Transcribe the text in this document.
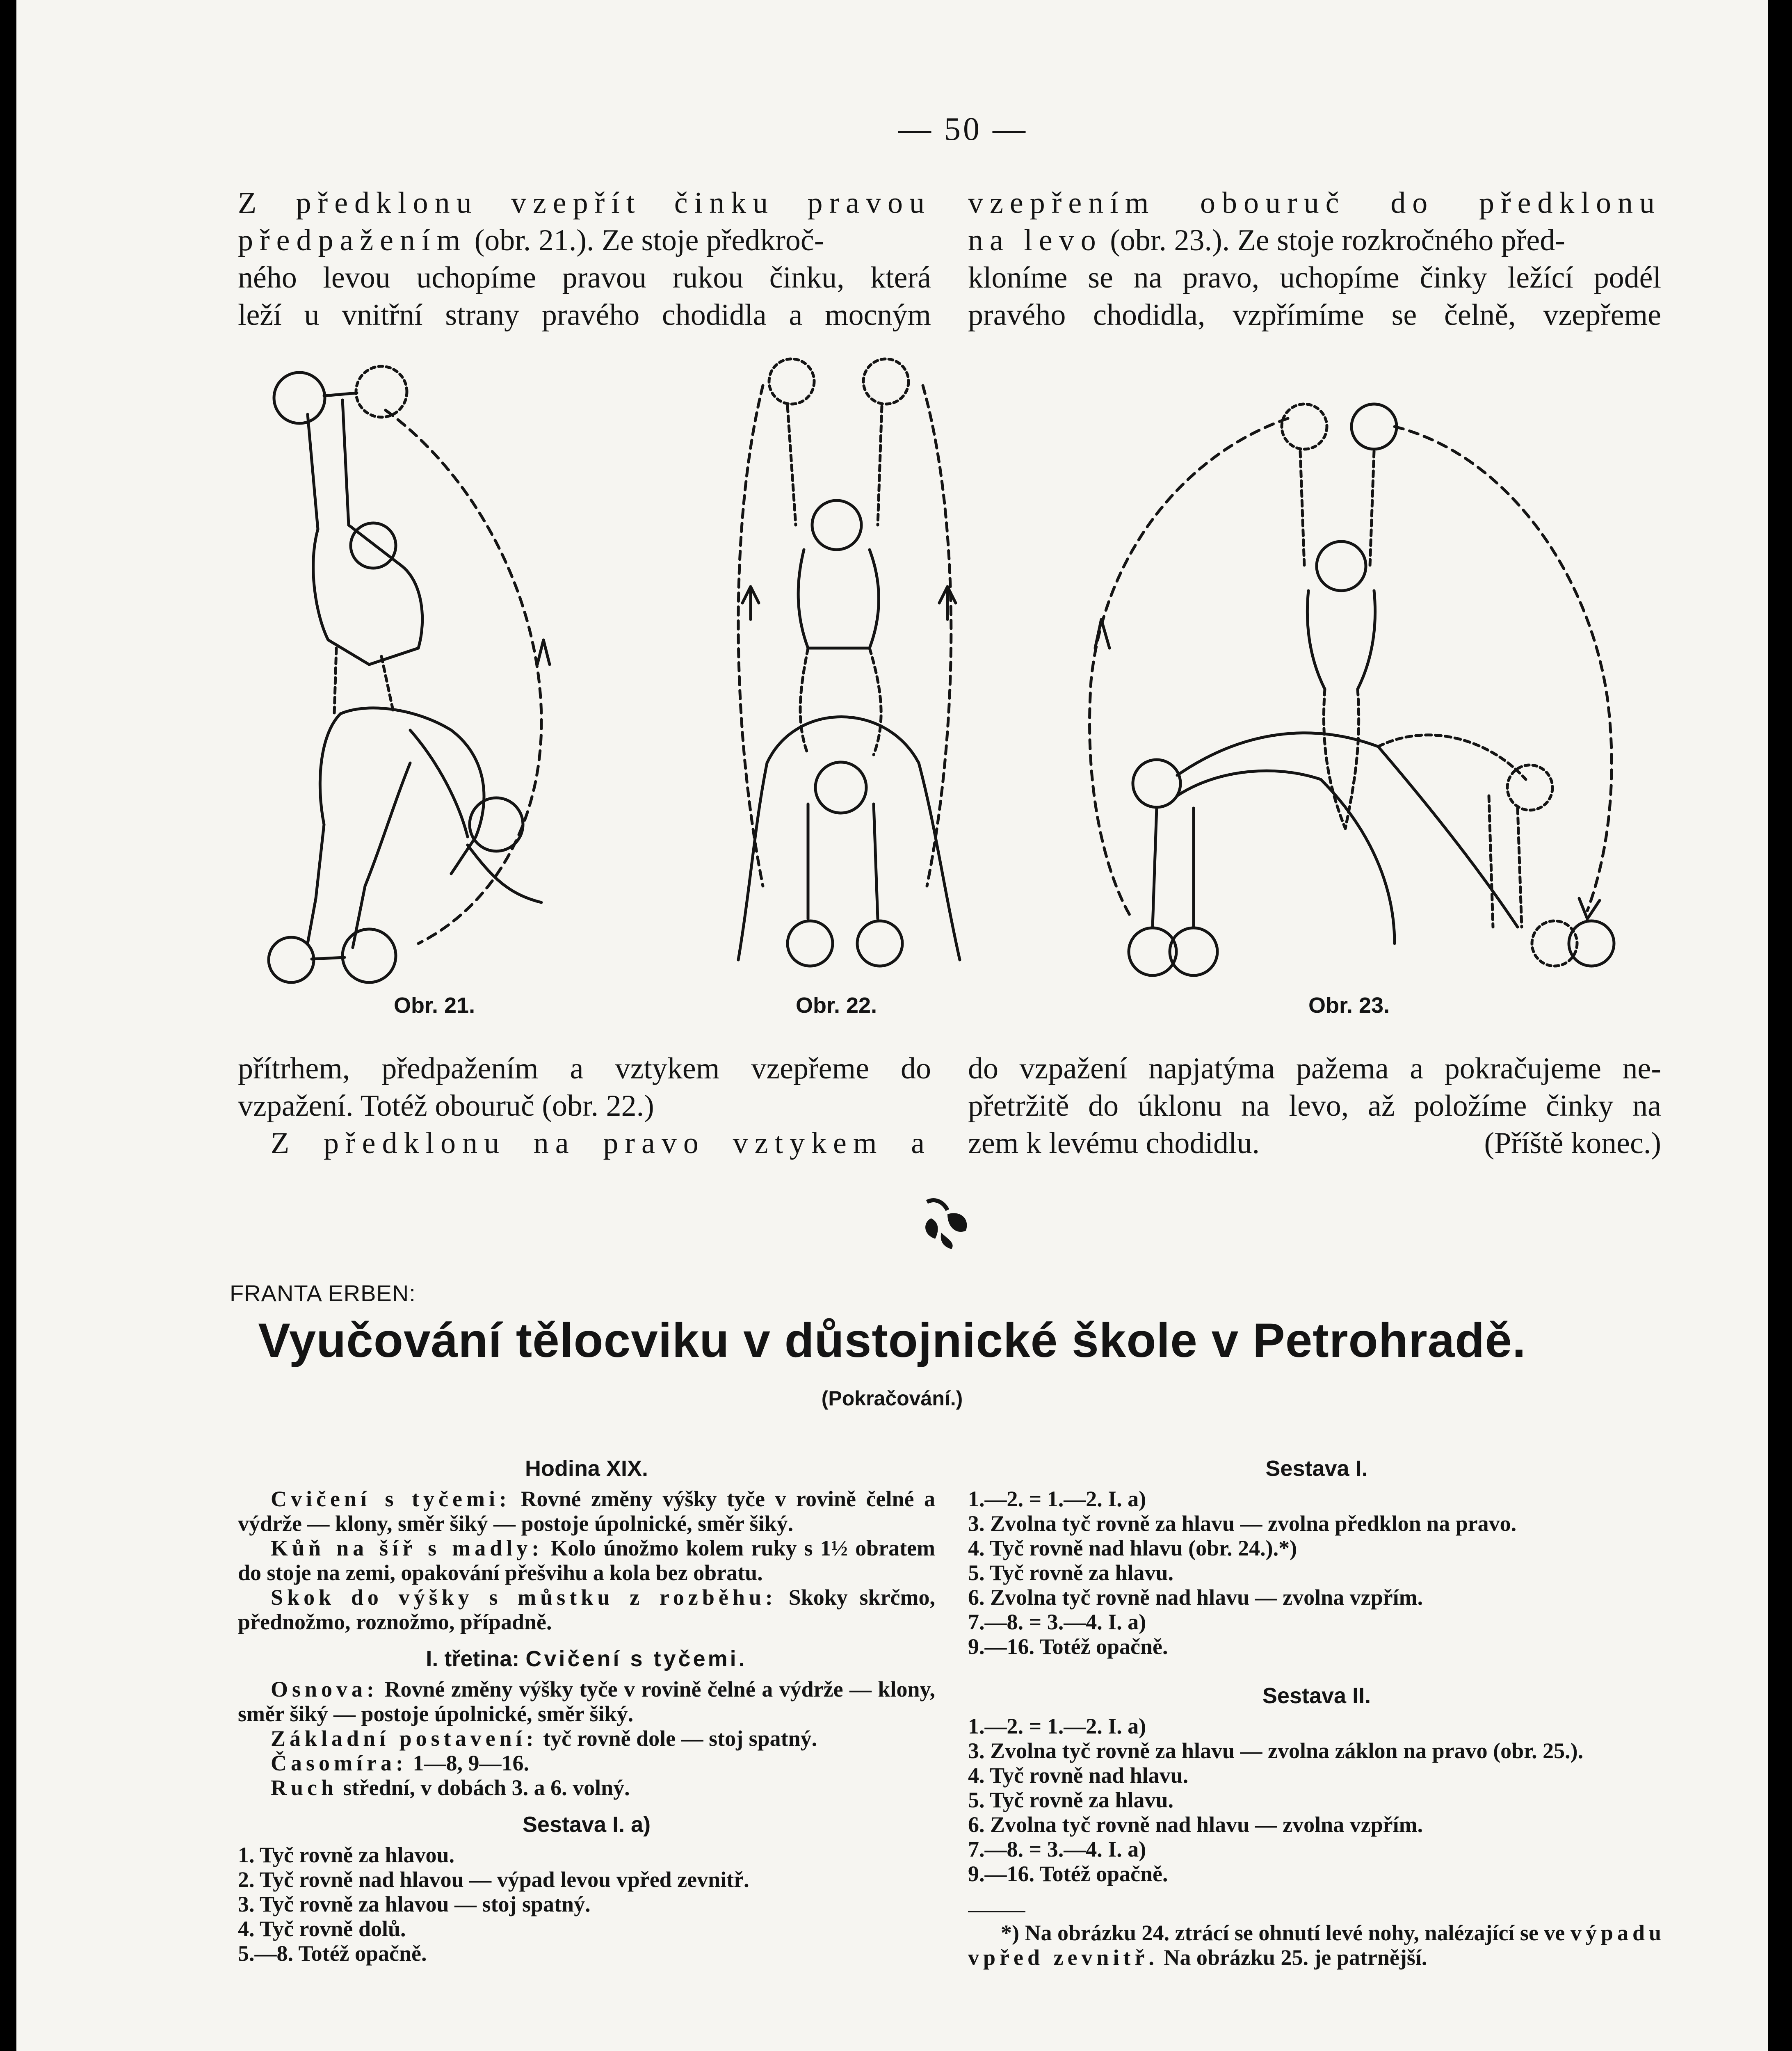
— 50 —

Z předklonu vzepřít činku pravou předpažením (obr. 21.). Ze stoje předkroč-
ného levou uchopíme pravou rukou činku, která
leží u vnitřní strany pravého chodidla a mocným

vzepřením obouruč do předklonu
na levo (obr. 23.). Ze stoje rozkročného před-
kloníme se na pravo, uchopíme činky ležící podél
pravého chodidla, vzpřímíme se čelně, vzepřeme

Obr. 21.	Obr. 22.	Obr. 23.

přítrhem, předpažením a vztykem vzepřeme do
vzpažení. Totéž obouruč (obr. 22.)
Z předklonu na pravo vztykem a

do vzpažení napjatýma pažema a pokračujeme ne-
přetržitě do úklonu na levo, až položíme činky na
zem k levému chodidlu.	(Příště konec.)

FRANTA ERBEN:
Vyučování tělocviku v důstojnické škole v Petrohradě.
(Pokračování.)

Hodina XIX.

Cvičení s tyčemi: Rovné změny výšky tyče v rovině čelné a výdrže — klony, směr šiký — postoje úpolnické, směr šiký.

Kůň na šíř s madly: Kolo únožmo kolem ruky s 1½ obratem do stoje na zemi, opakování přešvihu a kola bez obratu.

Skok do výšky s můstku z rozběhu: Skoky skrčmo, přednožmo, roznožmo, případně.

I. třetina: Cvičení s tyčemi.

Osnova: Rovné změny výšky tyče v rovině čelné a výdrže — klony, směr šiký — postoje úpolnické, směr šiký.

Základní postavení: tyč rovně dole — stoj spatný.

Časomíra: 1—8, 9—16.

Ruch střední, v dobách 3. a 6. volný.

Sestava I. a)

1. Tyč rovně za hlavou.

2. Tyč rovně nad hlavou — výpad levou vpřed zevnitř.

3. Tyč rovně za hlavou — stoj spatný.

4. Tyč rovně dolů.

5.—8. Totéž opačně.

Sestava I.

1.—2. = 1.—2. I. a)

3. Zvolna tyč rovně za hlavu — zvolna předklon na pravo.

4. Tyč rovně nad hlavu (obr. 24.).*)

5. Tyč rovně za hlavu.

6. Zvolna tyč rovně nad hlavu — zvolna vzpřím.

7.—8. = 3.—4. I. a)

9.—16. Totéž opačně.

Sestava II.

1.—2. = 1.—2. I. a)

3. Zvolna tyč rovně za hlavu — zvolna záklon na pravo (obr. 25.).

4. Tyč rovně nad hlavu.

5. Tyč rovně za hlavu.

6. Zvolna tyč rovně nad hlavu — zvolna vzpřím.

7.—8. = 3.—4. I. a)

9.—16. Totéž opačně.

*) Na obrázku 24. ztrácí se ohnutí levé nohy, nalézající se ve výpadu vpřed zevnitř. Na obrázku 25. je patrnější.
